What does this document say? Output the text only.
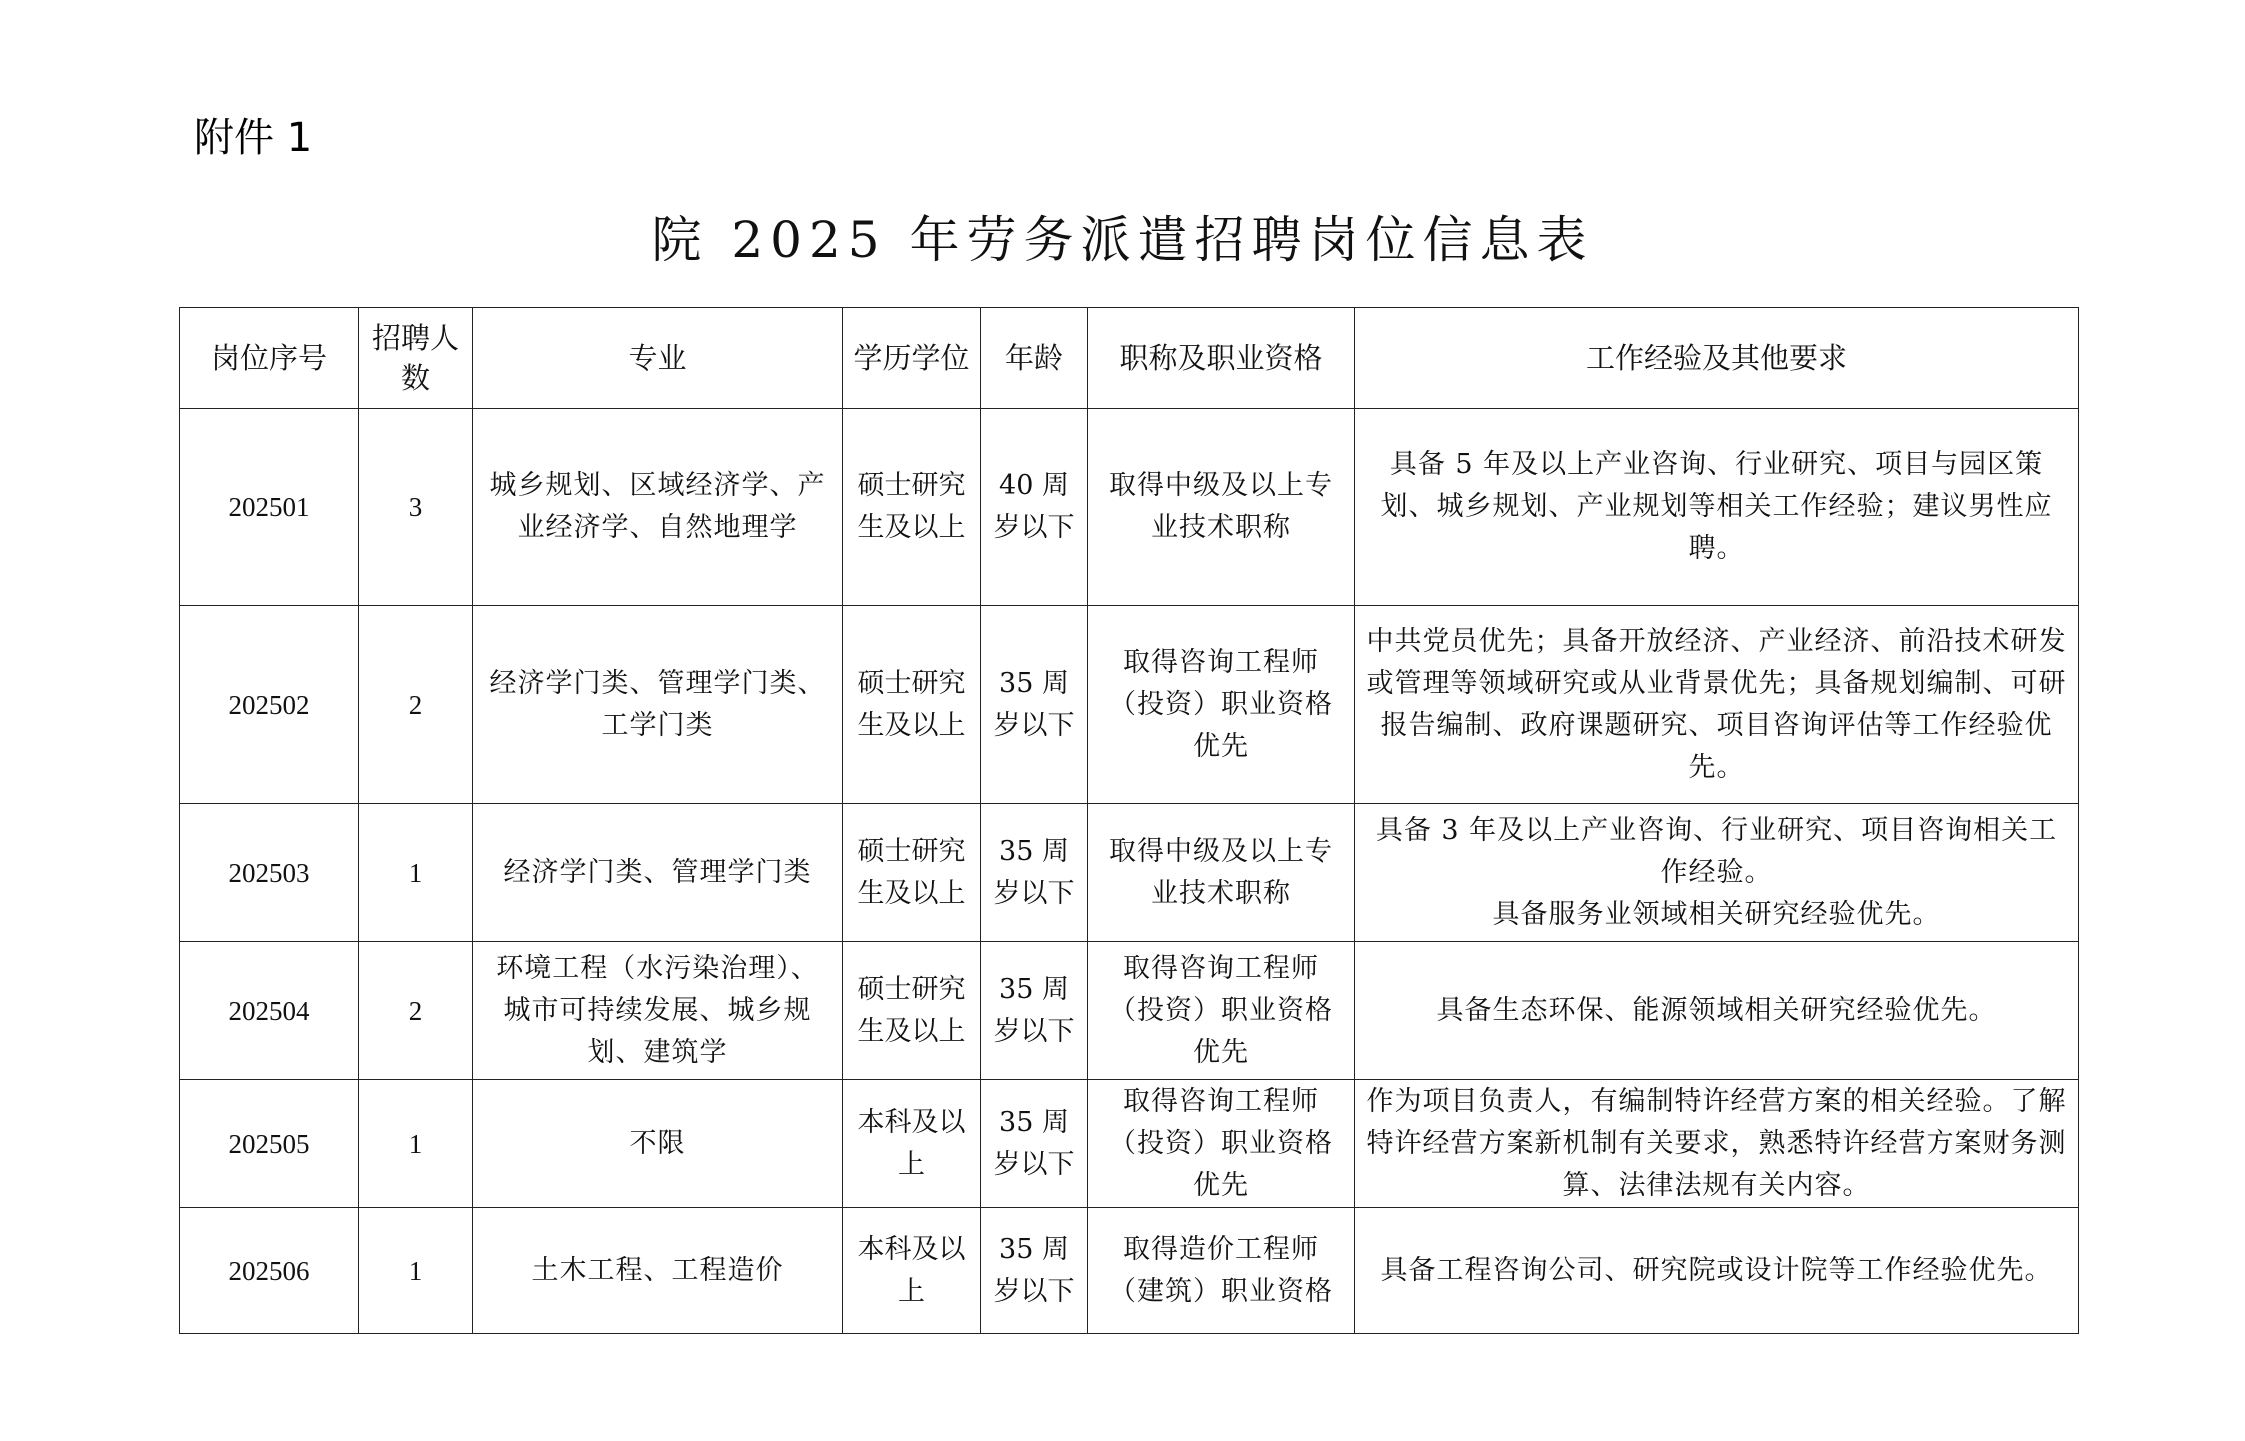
附件 1
院 2025 年劳务派遣招聘岗位信息表
岗位序号	招聘人数	专业	学历学位	年龄	职称及职业资格	工作经验及其他要求
202501	3	城乡规划、区域经济学、产业经济学、自然地理学	硕士研究生及以上	40 周岁以下	取得中级及以上专业技术职称	具备 5 年及以上产业咨询、行业研究、项目与园区策划、城乡规划、产业规划等相关工作经验；建议男性应聘。
202502	2	经济学门类、管理学门类、工学门类	硕士研究生及以上	35 周岁以下	取得咨询工程师（投资）职业资格优先	中共党员优先；具备开放经济、产业经济、前沿技术研发或管理等领域研究或从业背景优先；具备规划编制、可研报告编制、政府课题研究、项目咨询评估等工作经验优先。
202503	1	经济学门类、管理学门类	硕士研究生及以上	35 周岁以下	取得中级及以上专业技术职称	具备 3 年及以上产业咨询、行业研究、项目咨询相关工作经验。
具备服务业领域相关研究经验优先。
202504	2	环境工程（水污染治理）、城市可持续发展、城乡规划、建筑学	硕士研究生及以上	35 周岁以下	取得咨询工程师（投资）职业资格优先	具备生态环保、能源领域相关研究经验优先。
202505	1	不限	本科及以上	35 周岁以下	取得咨询工程师（投资）职业资格优先	作为项目负责人，有编制特许经营方案的相关经验。了解特许经营方案新机制有关要求，熟悉特许经营方案财务测算、法律法规有关内容。
202506	1	土木工程、工程造价	本科及以上	35 周岁以下	取得造价工程师（建筑）职业资格	具备工程咨询公司、研究院或设计院等工作经验优先。
